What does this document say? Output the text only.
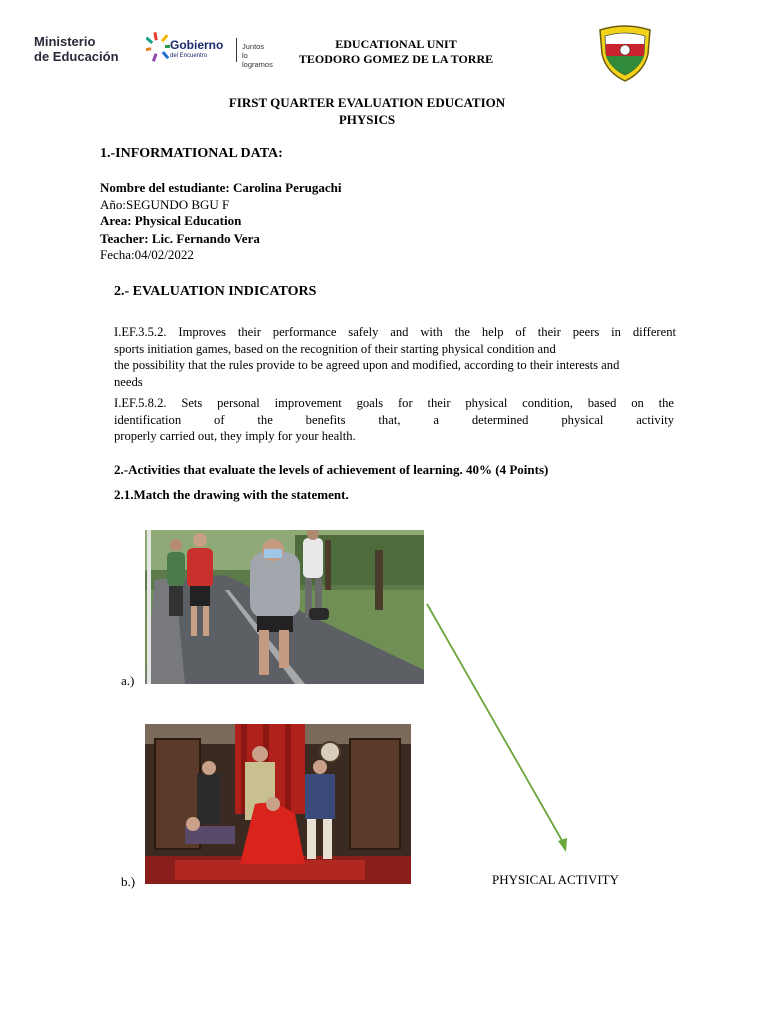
Ministerio
de Educación
Gobierno
del Encuentro
Juntos
lo logramos
EDUCATIONAL UNIT
TEODORO GOMEZ DE LA TORRE
FIRST QUARTER EVALUATION EDUCATION
PHYSICS
1.-INFORMATIONAL DATA:
Nombre del estudiante: Carolina Perugachi
Año:SEGUNDO BGU F
Area: Physical Education
Teacher: Lic. Fernando Vera
Fecha:04/02/2022
2.- EVALUATION INDICATORS
I.EF.3.5.2. Improves their performance safely and with the help of their peers in different
sports initiation games, based on the recognition of their starting physical condition and
the possibility that the rules provide to be agreed upon and modified, according to their interests and
needs
I.EF.5.8.2. Sets personal improvement goals for their physical condition, based on the
identification of the benefits that, a determined physical activity
properly carried out, they imply for your health.
2.-Activities that evaluate the levels of achievement of learning. 40% (4 Points)
2.1.Match the drawing with the statement.
a.)
b.)	PHYSICAL ACTIVITY
